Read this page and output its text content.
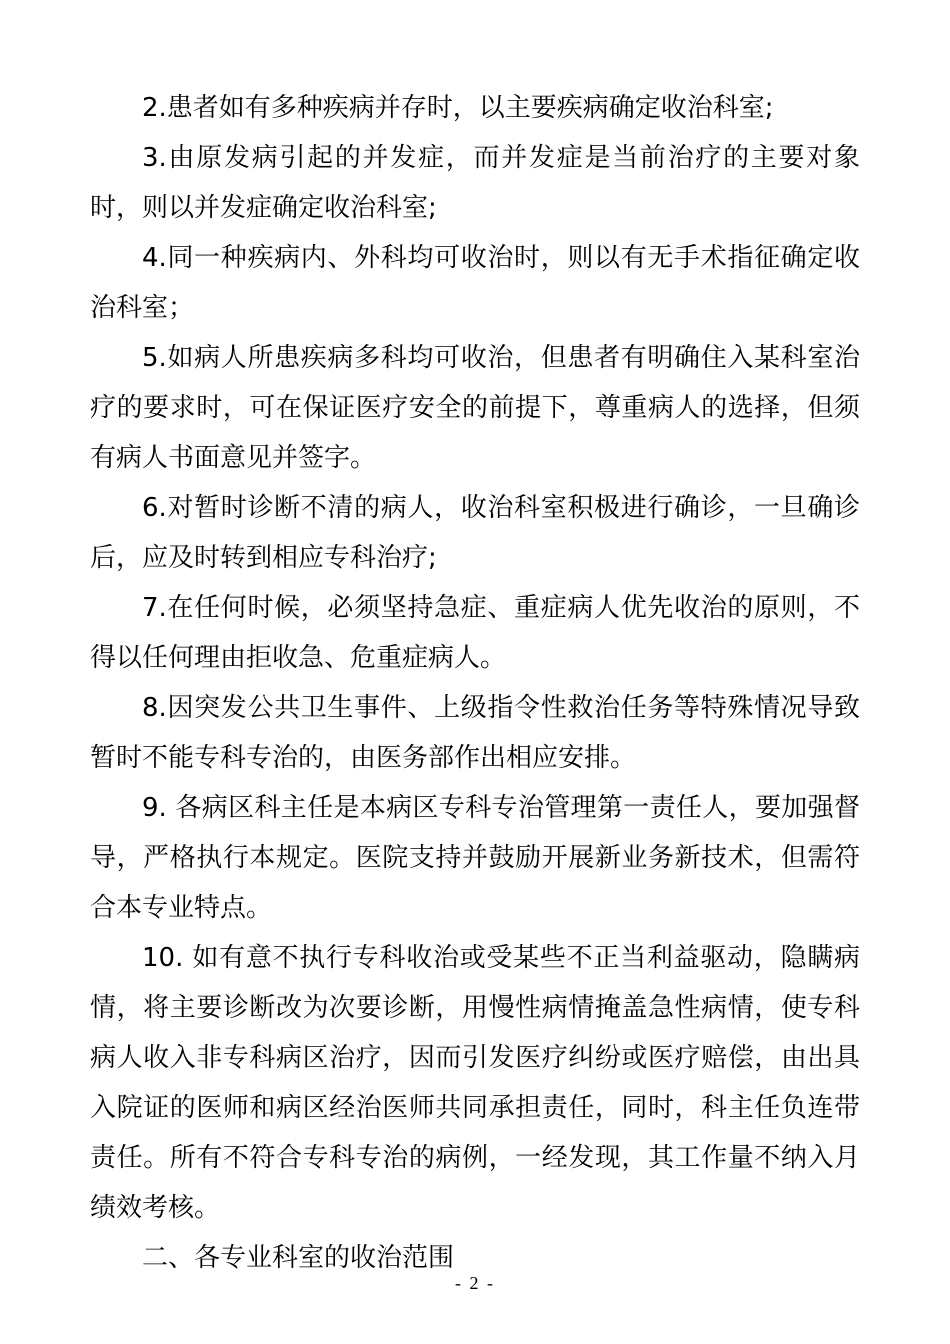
2.患者如有多种疾病并存时，以主要疾病确定收治科室;

3.由原发病引起的并发症，而并发症是当前治疗的主要对象时，则以并发症确定收治科室;

4.同一种疾病内、外科均可收治时，则以有无手术指征确定收治科室；

5.如病人所患疾病多科均可收治，但患者有明确住入某科室治疗的要求时，可在保证医疗安全的前提下，尊重病人的选择，但须有病人书面意见并签字。

6.对暂时诊断不清的病人，收治科室积极进行确诊，一旦确诊后，应及时转到相应专科治疗;

7.在任何时候，必须坚持急症、重症病人优先收治的原则，不得以任何理由拒收急、危重症病人。

8.因突发公共卫生事件、上级指令性救治任务等特殊情况导致暂时不能专科专治的，由医务部作出相应安排。

9. 各病区科主任是本病区专科专治管理第一责任人，要加强督导，严格执行本规定。医院支持并鼓励开展新业务新技术，但需符合本专业特点。

10. 如有意不执行专科收治或受某些不正当利益驱动，隐瞒病情，将主要诊断改为次要诊断，用慢性病情掩盖急性病情，使专科病人收入非专科病区治疗，因而引发医疗纠纷或医疗赔偿，由出具入院证的医师和病区经治医师共同承担责任，同时，科主任负连带责任。所有不符合专科专治的病例，一经发现，其工作量不纳入月绩效考核。

二、各专业科室的收治范围

- 2 -
